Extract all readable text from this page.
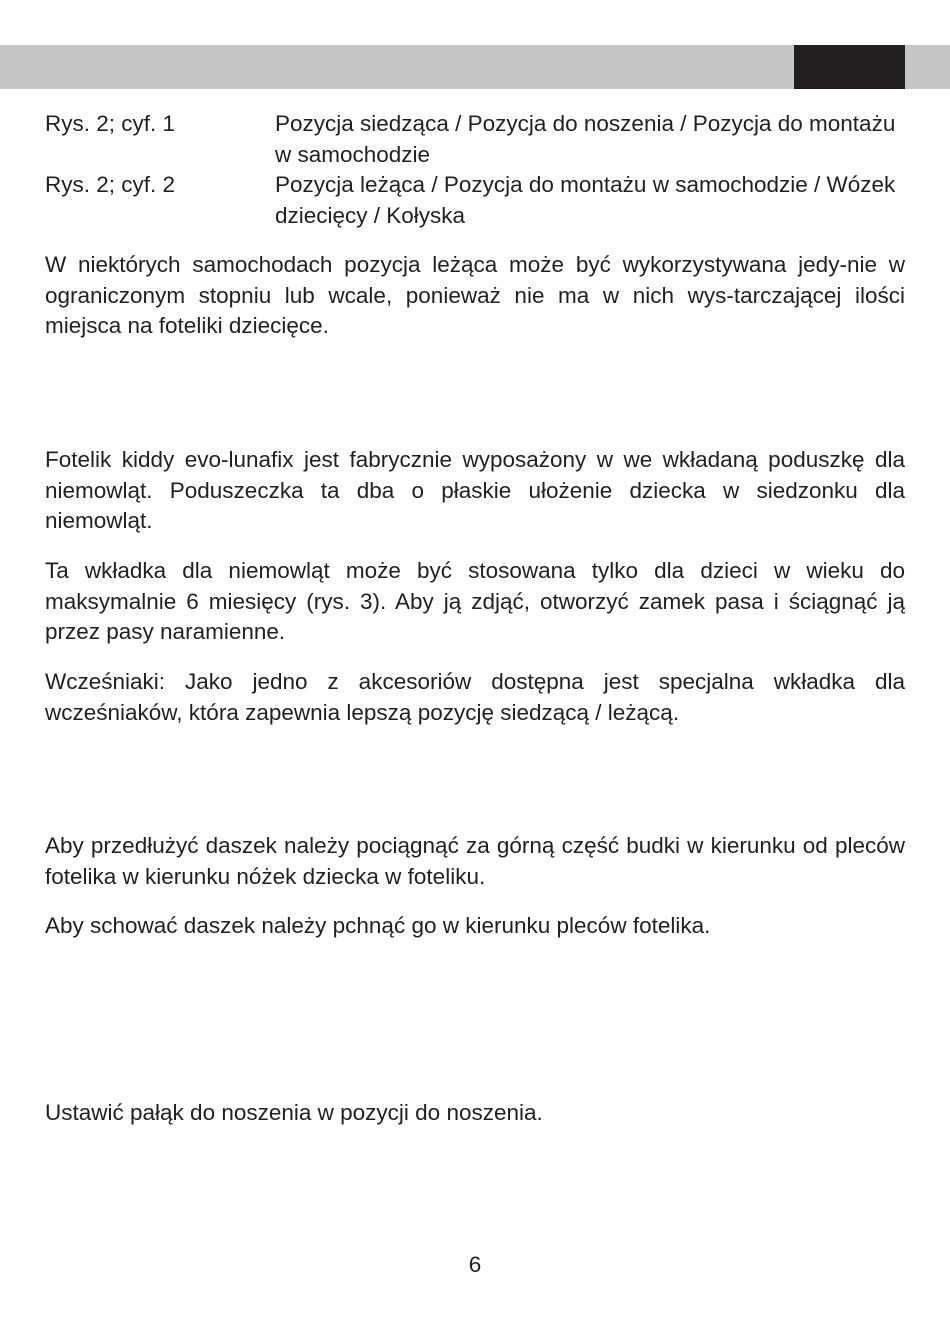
Rys. 2; cyf. 1	Pozycja siedząca / Pozycja do noszenia / Pozycja do montażu w samochodzie
Rys. 2; cyf. 2	Pozycja leżąca / Pozycja do montażu w samochodzie / Wózek dziecięcy / Kołyska

W niektórych samochodach pozycja leżąca może być wykorzystywana jedy-nie w ograniczonym stopniu lub wcale, ponieważ nie ma w nich wys-tarczającej ilości miejsca na foteliki dziecięce.

Fotelik kiddy evo-lunafix jest fabrycznie wyposażony w we wkładaną poduszkę dla niemowląt. Poduszeczka ta dba o płaskie ułożenie dziecka w siedzonku dla niemowląt.

Ta wkładka dla niemowląt może być stosowana tylko dla dzieci w wieku do maksymalnie 6 miesięcy (rys. 3). Aby ją zdjąć, otworzyć zamek pasa i ściągnąć ją przez pasy naramienne.

Wcześniaki: Jako jedno z akcesoriów dostępna jest specjalna wkładka dla wcześniaków, która zapewnia lepszą pozycję siedzącą / leżącą.

Aby przedłużyć daszek należy pociągnąć za górną część budki w kierunku od pleców fotelika w kierunku nóżek dziecka w foteliku.

Aby schować daszek należy pchnąć go w kierunku pleców fotelika.

Ustawić pałąk do noszenia w pozycji do noszenia.

6
